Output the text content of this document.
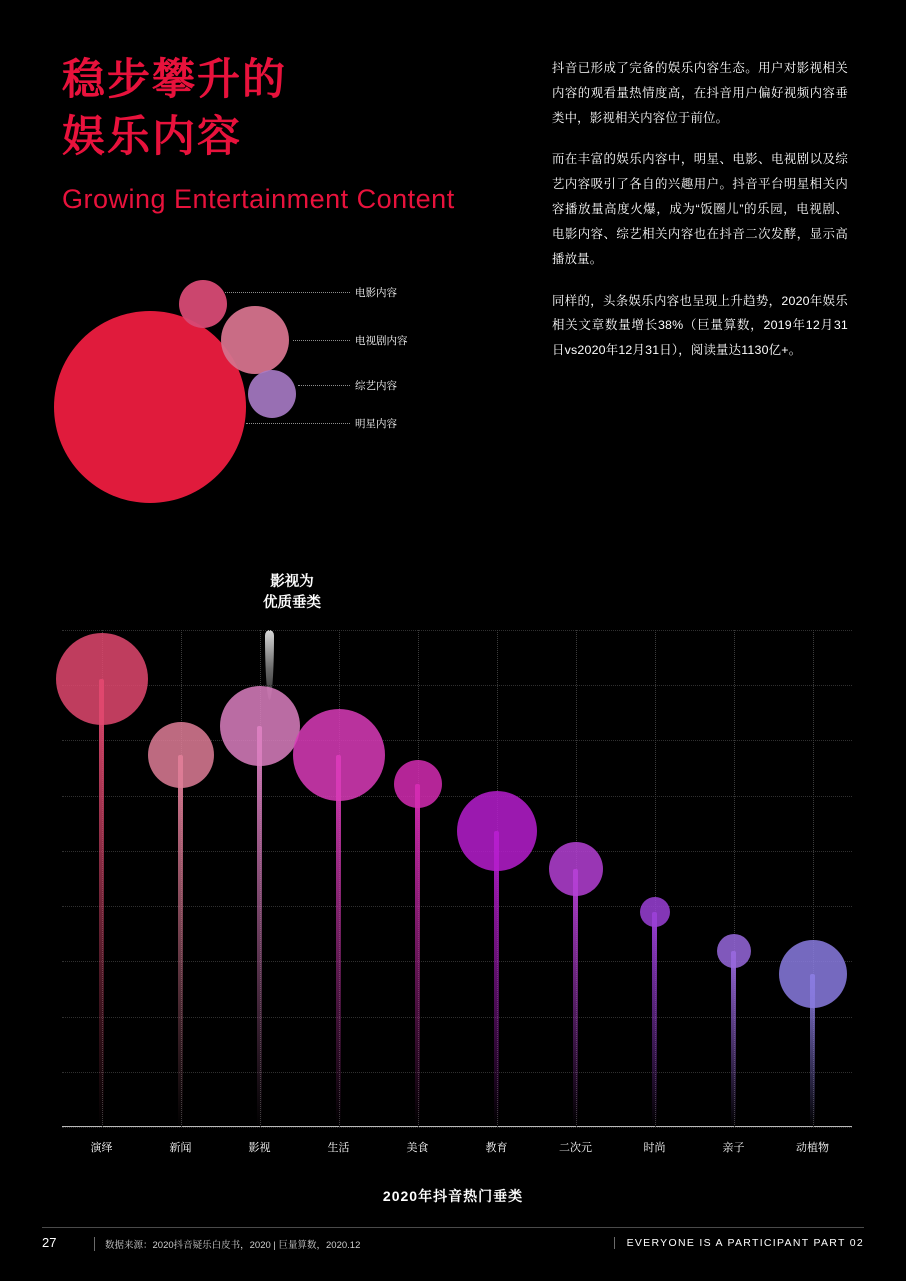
稳步攀升的
娱乐内容
Growing Entertainment Content

抖音已形成了完备的娱乐内容生态。用户对影视相关内容的观看量热情度高，在抖音用户偏好视频内容垂类中，影视相关内容位于前位。

而在丰富的娱乐内容中，明星、电影、电视剧以及综艺内容吸引了各自的兴趣用户。抖音平台明星相关内容播放量高度火爆，成为“饭圈儿”的乐园，电视剧、电影内容、综艺相关内容也在抖音二次发酵，显示高播放量。

同样的，头条娱乐内容也呈现上升趋势，2020年娱乐相关文章数量增长38%（巨量算数，2019年12月31日vs2020年12月31日），阅读量达1130亿+。

电影内容
电视剧内容
综艺内容
明星内容
影视为
优质垂类
演绎	新闻	影视	生活	美食	教育	二次元	时尚	亲子	动植物
2020年抖音热门垂类
27	数据来源：2020抖音疑乐白皮书，2020 | 巨量算数，2020.12	EVERYONE IS A PARTICIPANT PART 02
